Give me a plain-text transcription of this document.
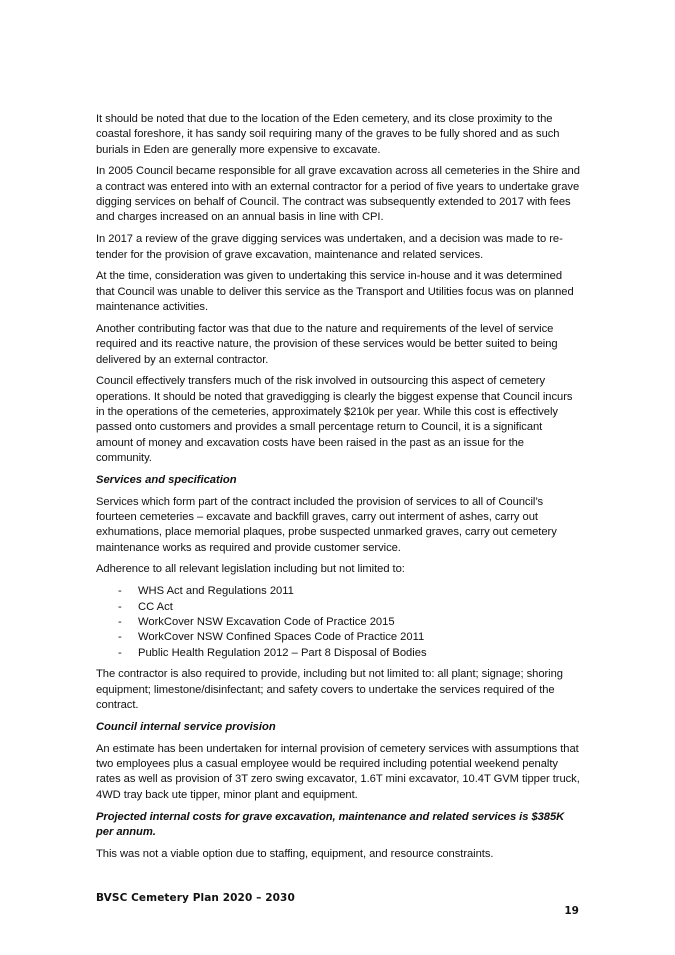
It should be noted that due to the location of the Eden cemetery, and its close proximity to the coastal foreshore, it has sandy soil requiring many of the graves to be fully shored and as such burials in Eden are generally more expensive to excavate.

In 2005 Council became responsible for all grave excavation across all cemeteries in the Shire and a contract was entered into with an external contractor for a period of five years to undertake grave digging services on behalf of Council. The contract was subsequently extended to 2017 with fees and charges increased on an annual basis in line with CPI.

In 2017 a review of the grave digging services was undertaken, and a decision was made to re-tender for the provision of grave excavation, maintenance and related services.

At the time, consideration was given to undertaking this service in-house and it was determined that Council was unable to deliver this service as the Transport and Utilities focus was on planned maintenance activities.

Another contributing factor was that due to the nature and requirements of the level of service required and its reactive nature, the provision of these services would be better suited to being delivered by an external contractor.

Council effectively transfers much of the risk involved in outsourcing this aspect of cemetery operations. It should be noted that gravedigging is clearly the biggest expense that Council incurs in the operations of the cemeteries, approximately $210k per year. While this cost is effectively passed onto customers and provides a small percentage return to Council, it is a significant amount of money and excavation costs have been raised in the past as an issue for the community.

Services and specification

Services which form part of the contract included the provision of services to all of Council’s fourteen cemeteries – excavate and backfill graves, carry out interment of ashes, carry out exhumations, place memorial plaques, probe suspected unmarked graves, carry out cemetery maintenance works as required and provide customer service.

Adherence to all relevant legislation including but not limited to:

- WHS Act and Regulations 2011
- CC Act
- WorkCover NSW Excavation Code of Practice 2015
- WorkCover NSW Confined Spaces Code of Practice 2011
- Public Health Regulation 2012 – Part 8 Disposal of Bodies

The contractor is also required to provide, including but not limited to: all plant; signage; shoring equipment; limestone/disinfectant; and safety covers to undertake the services required of the contract.

Council internal service provision

An estimate has been undertaken for internal provision of cemetery services with assumptions that two employees plus a casual employee would be required including potential weekend penalty rates as well as provision of 3T zero swing excavator, 1.6T mini excavator, 10.4T GVM tipper truck, 4WD tray back ute tipper, minor plant and equipment.

Projected internal costs for grave excavation, maintenance and related services is $385K per annum.

This was not a viable option due to staffing, equipment, and resource constraints.

BVSC Cemetery Plan 2020 – 2030
19
